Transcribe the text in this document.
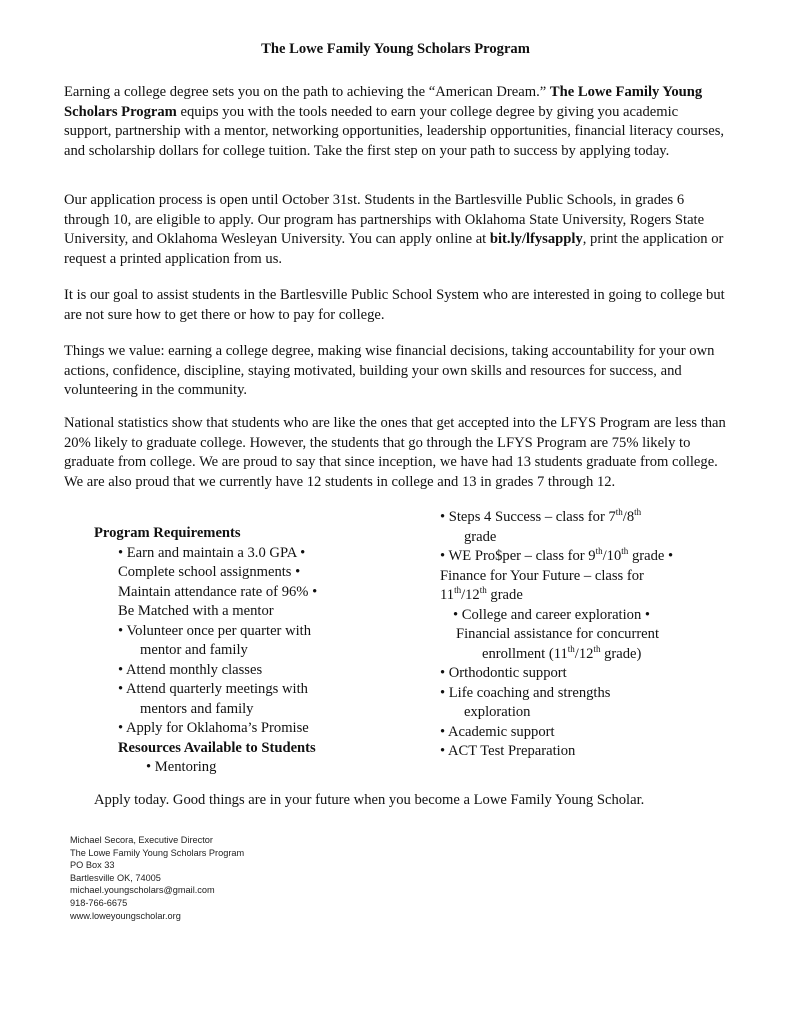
The Lowe Family Young Scholars Program

Earning a college degree sets you on the path to achieving the “American Dream.” The Lowe Family Young Scholars Program equips you with the tools needed to earn your college degree by giving you academic support, partnership with a mentor, networking opportunities, leadership opportunities, financial literacy courses, and scholarship dollars for college tuition. Take the first step on your path to success by applying today.

Our application process is open until October 31st. Students in the Bartlesville Public Schools, in grades 6 through 10, are eligible to apply. Our program has partnerships with Oklahoma State University, Rogers State University, and Oklahoma Wesleyan University. You can apply online at bit.ly/lfysapply, print the application or request a printed application from us.

It is our goal to assist students in the Bartlesville Public School System who are interested in going to college but are not sure how to get there or how to pay for college.

Things we value: earning a college degree, making wise financial decisions, taking accountability for your own actions, confidence, discipline, staying motivated, building your own skills and resources for success, and volunteering in the community.

National statistics show that students who are like the ones that get accepted into the LFYS Program are less than 20% likely to graduate college. However, the students that go through the LFYS Program are 75% likely to graduate from college. We are proud to say that since inception, we have had 13 students graduate from college. We are also proud that we currently have 12 students in college and 13 in grades 7 through 12.

Program Requirements
• Earn and maintain a 3.0 GPA •
Complete school assignments •
Maintain attendance rate of 96% •
Be Matched with a mentor
• Volunteer once per quarter with
mentor and family
• Attend monthly classes
• Attend quarterly meetings with
mentors and family
• Apply for Oklahoma’s Promise
Resources Available to Students
• Mentoring
• Steps 4 Success – class for 7th/8th
grade
• WE Pro$per – class for 9th/10th grade •
Finance for Your Future – class for
11th/12th grade
• College and career exploration •
Financial assistance for concurrent
enrollment (11th/12th grade)
• Orthodontic support
• Life coaching and strengths
exploration
• Academic support
• ACT Test Preparation

Apply today. Good things are in your future when you become a Lowe Family Young Scholar.

Michael Secora, Executive Director
The Lowe Family Young Scholars Program
PO Box 33
Bartlesville OK, 74005
michael.youngscholars@gmail.com
918-766-6675
www.loweyoungscholar.org
